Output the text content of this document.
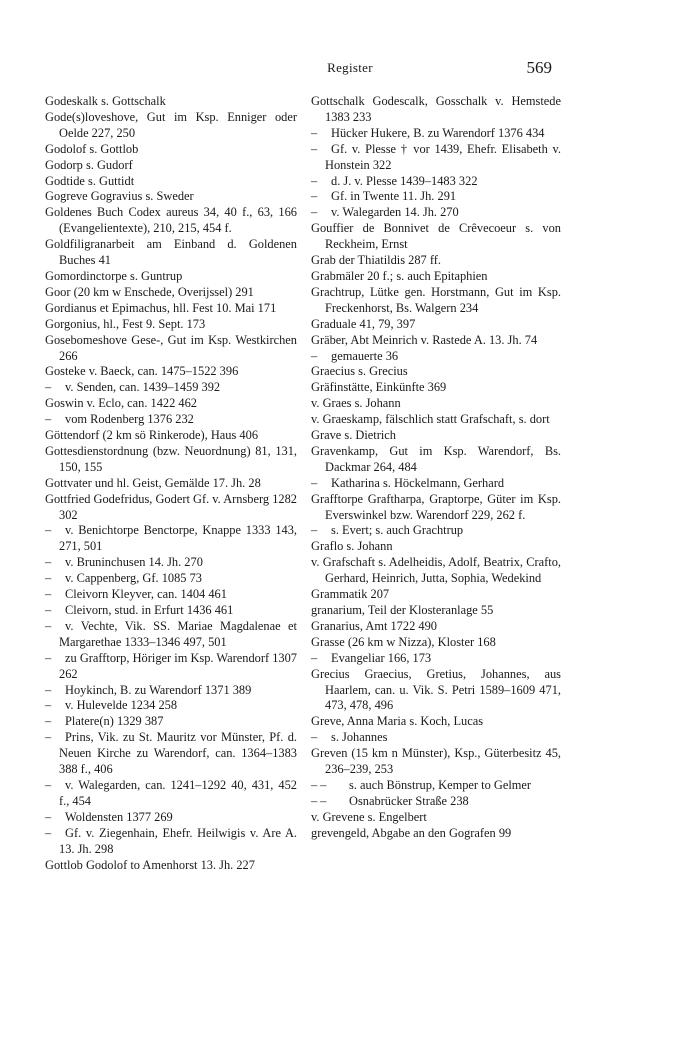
Register	569
Godeskalk s. Gottschalk
Gode(s)loveshove, Gut im Ksp. Enniger oder Oelde 227, 250
Godolof s. Gottlob
Godorp s. Gudorf
Godtide s. Guttidt
Gogreve Gogravius s. Sweder
Goldenes Buch Codex aureus 34, 40 f., 63, 166 (Evangelientexte), 210, 215, 454 f.
Goldfiligranarbeit am Einband d. Goldenen Buches 41
Gomordinctorpe s. Guntrup
Goor (20 km w Enschede, Overijssel) 291
Gordianus et Epimachus, hll. Fest 10. Mai 171
Gorgonius, hl., Fest 9. Sept. 173
Gosebomeshove Gese-, Gut im Ksp. Westkirchen 266
Gosteke v. Baeck, can. 1475–1522 396
– v. Senden, can. 1439–1459 392
Goswin v. Eclo, can. 1422 462
– vom Rodenberg 1376 232
Göttendorf (2 km sö Rinkerode), Haus 406
Gottesdienstordnung (bzw. Neuordnung) 81, 131, 150, 155
Gottvater und hl. Geist, Gemälde 17. Jh. 28
Gottfried Godefridus, Godert Gf. v. Arnsberg 1282 302
– v. Benichtorpe Benctorpe, Knappe 1333 143, 271, 501
– v. Bruninchusen 14. Jh. 270
– v. Cappenberg, Gf. 1085 73
– Cleivorn Kleyver, can. 1404 461
– Cleivorn, stud. in Erfurt 1436 461
– v. Vechte, Vik. SS. Mariae Magdalenae et Margarethae 1333–1346 497, 501
– zu Grafftorp, Höriger im Ksp. Warendorf 1307 262
– Hoykinch, B. zu Warendorf 1371 389
– v. Hulevelde 1234 258
– Platere(n) 1329 387
– Prins, Vik. zu St. Mauritz vor Münster, Pf. d. Neuen Kirche zu Warendorf, can. 1364–1383 388 f., 406
– v. Walegarden, can. 1241–1292 40, 431, 452 f., 454
– Woldensten 1377 269
– Gf. v. Ziegenhain, Ehefr. Heilwigis v. Are A. 13. Jh. 298
Gottlob Godolof to Amenhorst 13. Jh. 227
Gottschalk Godescalk, Gosschalk v. Hemstede 1383 233
– Hücker Hukere, B. zu Warendorf 1376 434
– Gf. v. Plesse † vor 1439, Ehefr. Elisabeth v. Honstein 322
– d. J. v. Plesse 1439–1483 322
– Gf. in Twente 11. Jh. 291
– v. Walegarden 14. Jh. 270
Gouffier de Bonnivet de Crêvecoeur s. von Reckheim, Ernst
Grab der Thiatildis 287 ff.
Grabmäler 20 f.; s. auch Epitaphien
Grachtrup, Lütke gen. Horstmann, Gut im Ksp. Freckenhorst, Bs. Walgern 234
Graduale 41, 79, 397
Gräber, Abt Meinrich v. Rastede A. 13. Jh. 74
– gemauerte 36
Graecius s. Grecius
Gräfinstätte, Einkünfte 369
v. Graes s. Johann
v. Graeskamp, fälschlich statt Grafschaft, s. dort
Grave s. Dietrich
Gravenkamp, Gut im Ksp. Warendorf, Bs. Dackmar 264, 484
– Katharina s. Höckelmann, Gerhard
Grafftorpe Graftharpa, Graptorpe, Güter im Ksp. Everswinkel bzw. Warendorf 229, 262 f.
– s. Evert; s. auch Grachtrup
Graflo s. Johann
v. Grafschaft s. Adelheidis, Adolf, Beatrix, Crafto, Gerhard, Heinrich, Jutta, Sophia, Wedekind
Grammatik 207
granarium, Teil der Klosteranlage 55
Granarius, Amt 1722 490
Grasse (26 km w Nizza), Kloster 168
– Evangeliar 166, 173
Grecius Graecius, Gretius, Johannes, aus Haarlem, can. u. Vik. S. Petri 1589–1609 471, 473, 478, 496
Greve, Anna Maria s. Koch, Lucas
– s. Johannes
Greven (15 km n Münster), Ksp., Güterbesitz 45, 236–239, 253
– – s. auch Bönstrup, Kemper to Gelmer
– – Osnabrücker Straße 238
v. Grevene s. Engelbert
grevengeld, Abgabe an den Gografen 99
